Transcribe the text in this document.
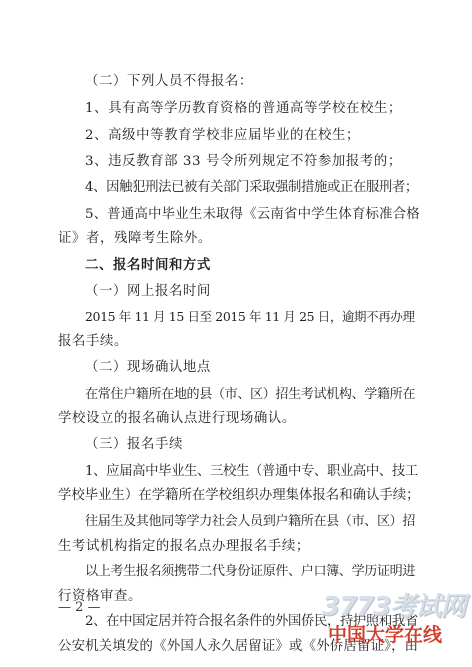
（二）下列人员不得报名：
1、具有高等学历教育资格的普通高等学校在校生；
2、高级中等教育学校非应届毕业的在校生；
3、违反教育部 33 号令所列规定不符参加报考的；
4、因触犯刑法已被有关部门采取强制措施或正在服刑者；
5、普通高中毕业生未取得《云南省中学生体育标准合格
证》者，残障考生除外。
二、报名时间和方式
（一）网上报名时间
2015 年 11 月 15 日至 2015 年 11 月 25 日，逾期不再办理
报名手续。
（二）现场确认地点
在常住户籍所在地的县（市、区）招生考试机构、学籍所在
学校设立的报名确认点进行现场确认。
（三）报名手续
1、应届高中毕业生、三校生（普通中专、职业高中、技工
学校毕业生）在学籍所在学校组织办理集体报名和确认手续；
往届生及其他同等学力社会人员到户籍所在县（市、区）招
生考试机构指定的报名点办理报名手续；
以上考生报名须携带二代身份证原件、户口簿、学历证明进
行资格审查。
2、在中国定居并符合报名条件的外国侨民，持护照和我省
公安机关填发的《外国人永久居留证》或《外侨居留证》，由
— 2 —	3773考试网
中国大学在线
